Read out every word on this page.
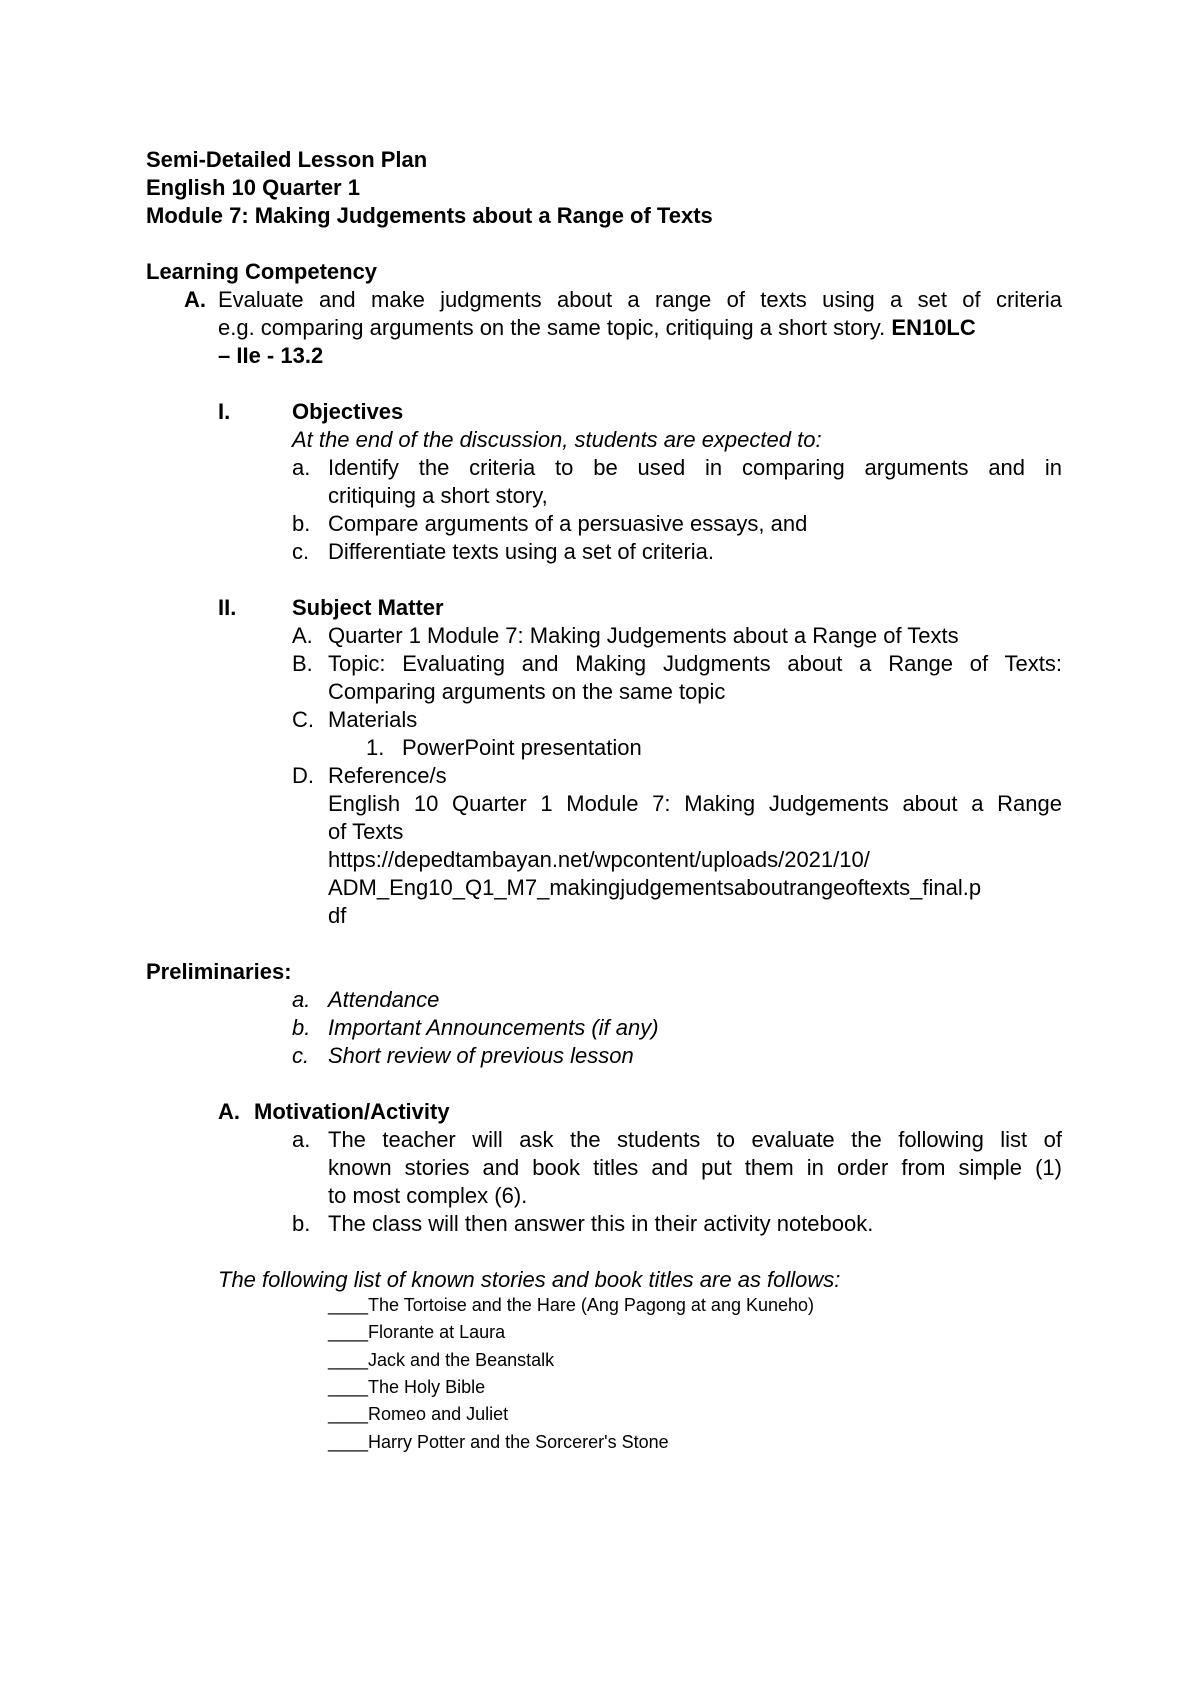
Semi-Detailed Lesson Plan
English 10 Quarter 1
Module 7: Making Judgements about a Range of Texts
Learning Competency
A. Evaluate and make judgments about a range of texts using a set of criteria
e.g. comparing arguments on the same topic, critiquing a short story. EN10LC
– IIe - 13.2
I.	Objectives
At the end of the discussion, students are expected to:
a. Identify the criteria to be used in comparing arguments and in
critiquing a short story,
b. Compare arguments of a persuasive essays, and
c. Differentiate texts using a set of criteria.
II.	Subject Matter
A. Quarter 1 Module 7: Making Judgements about a Range of Texts
B. Topic: Evaluating and Making Judgments about a Range of Texts:
Comparing arguments on the same topic
C. Materials
1. PowerPoint presentation
D. Reference/s
English 10 Quarter 1 Module 7: Making Judgements about a Range
of Texts
https://depedtambayan.net/wpcontent/uploads/2021/10/
ADM_Eng10_Q1_M7_makingjudgementsaboutrangeoftexts_final.p
df
Preliminaries:
a. Attendance
b. Important Announcements (if any)
c. Short review of previous lesson
A. Motivation/Activity
a. The teacher will ask the students to evaluate the following list of
known stories and book titles and put them in order from simple (1)
to most complex (6).
b. The class will then answer this in their activity notebook.
The following list of known stories and book titles are as follows:
____The Tortoise and the Hare (Ang Pagong at ang Kuneho)
____Florante at Laura
____Jack and the Beanstalk
____The Holy Bible
____Romeo and Juliet
____Harry Potter and the Sorcerer's Stone
